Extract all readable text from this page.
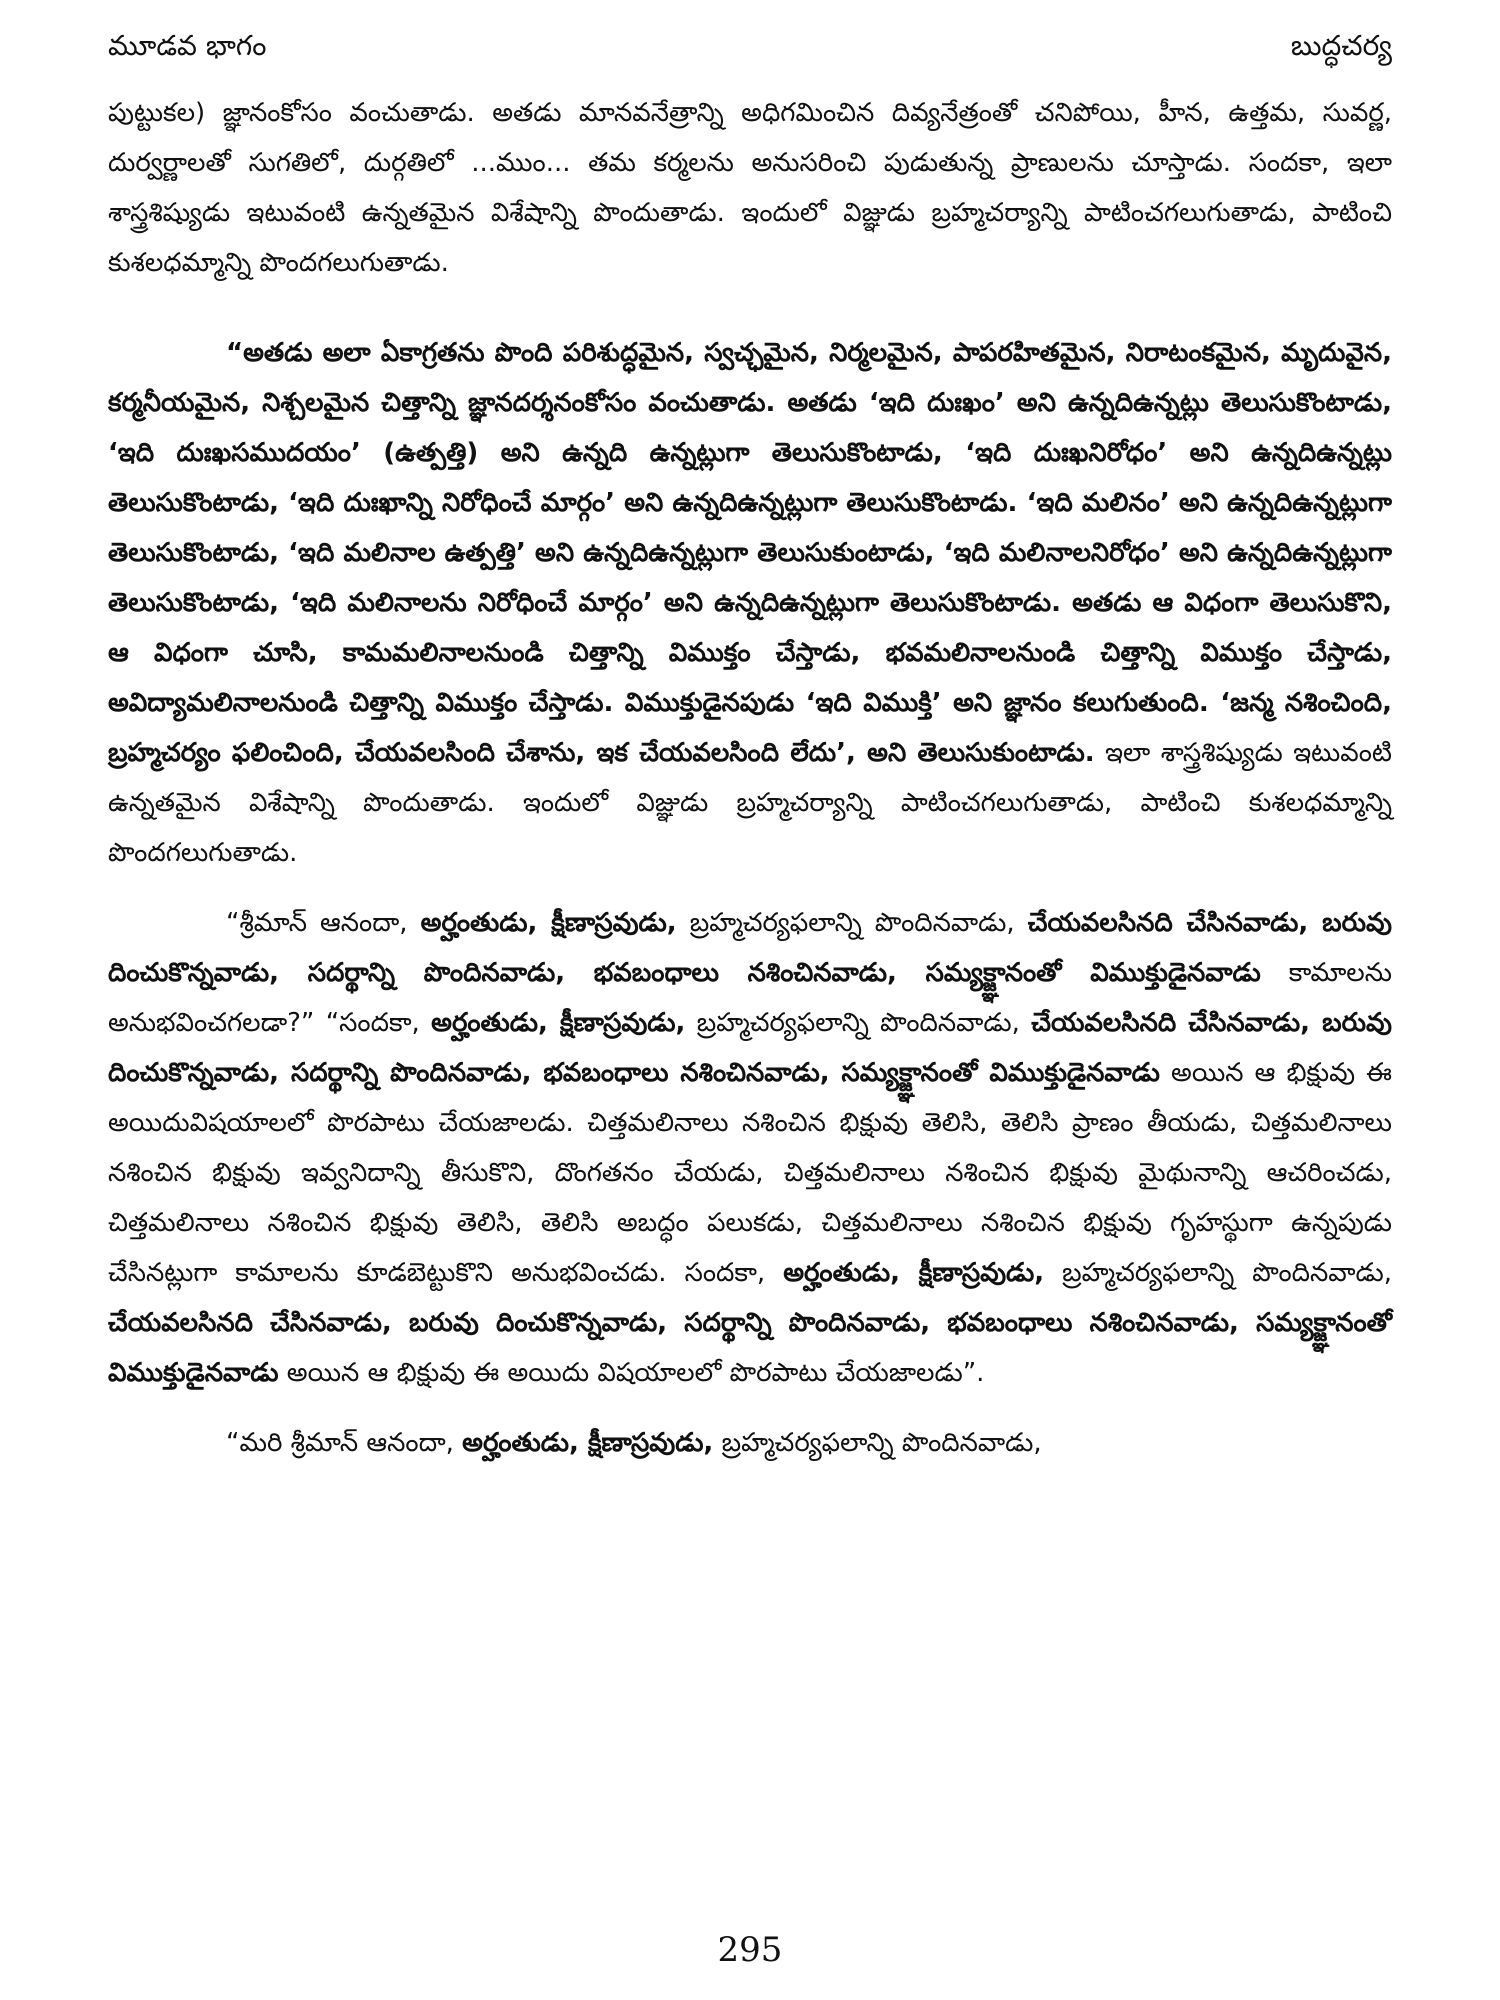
మూడవ భాగం	బుద్ధచర్య

పుట్టుకల) జ్ఞానంకోసం వంచుతాడు. అతడు మానవనేత్రాన్ని అధిగమించిన దివ్యనేత్రంతో చనిపోయి, హీన, ఉత్తమ, సువర్ణ, దుర్వర్ణాలతో సుగతిలో, దుర్గతిలో ...ముం... తమ కర్మలను అనుసరించి పుడుతున్న ప్రాణులను చూస్తాడు. సందకా, ఇలా శాస్త్రశిష్యుడు ఇటువంటి ఉన్నతమైన విశేషాన్ని పొందుతాడు. ఇందులో విజ్ఞుడు బ్రహ్మచర్యాన్ని పాటించగలుగుతాడు, పాటించి కుశలధమ్మాన్ని పొందగలుగుతాడు.

“అతడు అలా ఏకాగ్రతను పొంది పరిశుద్ధమైన, స్వచ్ఛమైన, నిర్మలమైన, పాపరహితమైన, నిరాటంకమైన, మృదువైన, కర్మనీయమైన, నిశ్చలమైన చిత్తాన్ని జ్ఞానదర్శనంకోసం వంచుతాడు. అతడు ‘ఇది దుఃఖం’ అని ఉన్నదిఉన్నట్లు తెలుసుకొంటాడు, ‘ఇది దుఃఖసముదయం’ (ఉత్పత్తి) అని ఉన్నది ఉన్నట్లుగా తెలుసుకొంటాడు, ‘ఇది దుఃఖనిరోధం’ అని ఉన్నదిఉన్నట్లు తెలుసుకొంటాడు, ‘ఇది దుఃఖాన్ని నిరోధించే మార్గం’ అని ఉన్నదిఉన్నట్లుగా తెలుసుకొంటాడు. ‘ఇది మలినం’ అని ఉన్నదిఉన్నట్లుగా తెలుసుకొంటాడు, ‘ఇది మలినాల ఉత్పత్తి’ అని ఉన్నదిఉన్నట్లుగా తెలుసుకుంటాడు, ‘ఇది మలినాలనిరోధం’ అని ఉన్నదిఉన్నట్లుగా తెలుసుకొంటాడు, ‘ఇది మలినాలను నిరోధించే మార్గం’ అని ఉన్నదిఉన్నట్లుగా తెలుసుకొంటాడు. అతడు ఆ విధంగా తెలుసుకొని, ఆ విధంగా చూసి, కామమలినాలనుండి చిత్తాన్ని విముక్తం చేస్తాడు, భవమలినాలనుండి చిత్తాన్ని విముక్తం చేస్తాడు, అవిద్యామలినాలనుండి చిత్తాన్ని విముక్తం చేస్తాడు. విముక్తుడైనపుడు ‘ఇది విముక్తి’ అని జ్ఞానం కలుగుతుంది. ‘జన్మ నశించింది, బ్రహ్మచర్యం ఫలించింది, చేయవలసింది చేశాను, ఇక చేయవలసింది లేదు’, అని తెలుసుకుంటాడు. ఇలా శాస్త్రశిష్యుడు ఇటువంటి ఉన్నతమైన విశేషాన్ని పొందుతాడు. ఇందులో విజ్ఞుడు బ్రహ్మచర్యాన్ని పాటించగలుగుతాడు, పాటించి కుశలధమ్మాన్ని పొందగలుగుతాడు.

“శ్రీమాన్ ఆనందా, అర్హంతుడు, క్షీణాస్రవుడు, బ్రహ్మచర్యఫలాన్ని పొందినవాడు, చేయవలసినది చేసినవాడు, బరువు దించుకొన్నవాడు, సదర్థాన్ని పొందినవాడు, భవబంధాలు నశించినవాడు, సమ్యక్జ్ఞానంతో విముక్తుడైనవాడు కామాలను అనుభవించగలడా?” “సందకా, అర్హంతుడు, క్షీణాస్రవుడు, బ్రహ్మచర్యఫలాన్ని పొందినవాడు, చేయవలసినది చేసినవాడు, బరువు దించుకొన్నవాడు, సదర్థాన్ని పొందినవాడు, భవబంధాలు నశించినవాడు, సమ్యక్జ్ఞానంతో విముక్తుడైనవాడు అయిన ఆ భిక్షువు ఈ అయిదువిషయాలలో పొరపాటు చేయజాలడు. చిత్తమలినాలు నశించిన భిక్షువు తెలిసి, తెలిసి ప్రాణం తీయడు, చిత్తమలినాలు నశించిన భిక్షువు ఇవ్వనిదాన్ని తీసుకొని, దొంగతనం చేయడు, చిత్తమలినాలు నశించిన భిక్షువు మైథునాన్ని ఆచరించడు, చిత్తమలినాలు నశించిన భిక్షువు తెలిసి, తెలిసి అబద్ధం పలుకడు, చిత్తమలినాలు నశించిన భిక్షువు గృహస్థుగా ఉన్నపుడు చేసినట్లుగా కామాలను కూడబెట్టుకొని అనుభవించడు. సందకా, అర్హంతుడు, క్షీణాస్రవుడు, బ్రహ్మచర్యఫలాన్ని పొందినవాడు, చేయవలసినది చేసినవాడు, బరువు దించుకొన్నవాడు, సదర్థాన్ని పొందినవాడు, భవబంధాలు నశించినవాడు, సమ్యక్జ్ఞానంతో విముక్తుడైనవాడు అయిన ఆ భిక్షువు ఈ అయిదు విషయాలలో పొరపాటు చేయజాలడు”.

“మరి శ్రీమాన్ ఆనందా, అర్హంతుడు, క్షీణాస్రవుడు, బ్రహ్మచర్యఫలాన్ని పొందినవాడు,

295
